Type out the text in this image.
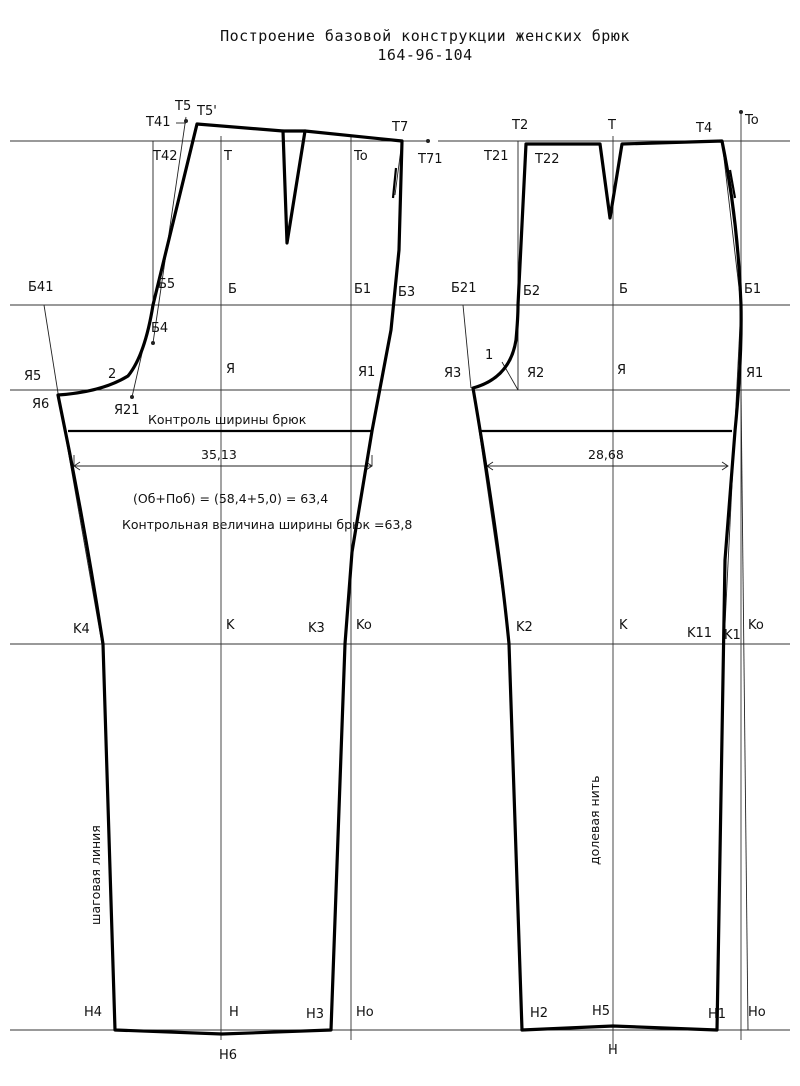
Построение базовой конструкции женских брюк
164-96-104
T5 T5'
T41
T42	T	To
T7
T71
Б41	Б5	Б	Б1 Б3
Б4
Я5
Я6	Я21
Я	Я1
2
K4	K	K3 Ko
H4	H	H3 Ho
H6
T2	T	T4
To
T21 T22
Б21	Б2	Б	Б1
Я3	Я2	Я	Я1
1
K2	K
K11 K1
Ko
H2	H5	H1 Ho
H
Контроль ширины брюк
35,13	28,68
(Об+Поб) = (58,4+5,0) = 63,4
Контрольная величина ширины брюк =63,8
шаговая линия
долевая нить
